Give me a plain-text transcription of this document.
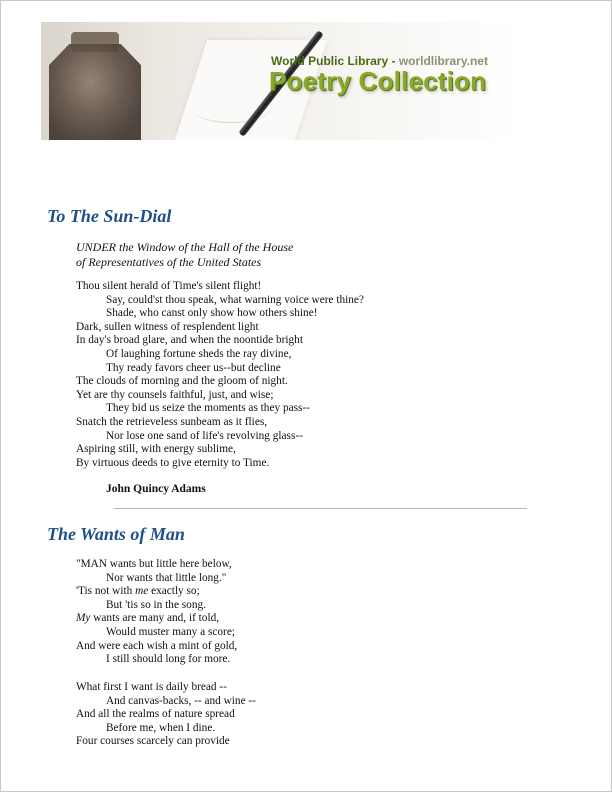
World Public Library - worldlibrary.net
Poetry Collection
To The Sun-Dial
UNDER the Window of the Hall of the House
of Representatives of the United States
Thou silent herald of Time's silent flight!
Say, could'st thou speak, what warning voice were thine?
Shade, who canst only show how others shine!
Dark, sullen witness of resplendent light
In day's broad glare, and when the noontide bright
Of laughing fortune sheds the ray divine,
Thy ready favors cheer us--but decline
The clouds of morning and the gloom of night.
Yet are thy counsels faithful, just, and wise;
They bid us seize the moments as they pass--
Snatch the retrieveless sunbeam as it flies,
Nor lose one sand of life's revolving glass--
Aspiring still, with energy sublime,
By virtuous deeds to give eternity to Time.
John Quincy Adams
The Wants of Man
"MAN wants but little here below,
Nor wants that little long."
'Tis not with me exactly so;
But 'tis so in the song.
My wants are many and, if told,
Would muster many a score;
And were each wish a mint of gold,
I still should long for more.
What first I want is daily bread --
And canvas-backs, -- and wine --
And all the realms of nature spread
Before me, when I dine.
Four courses scarcely can provide
